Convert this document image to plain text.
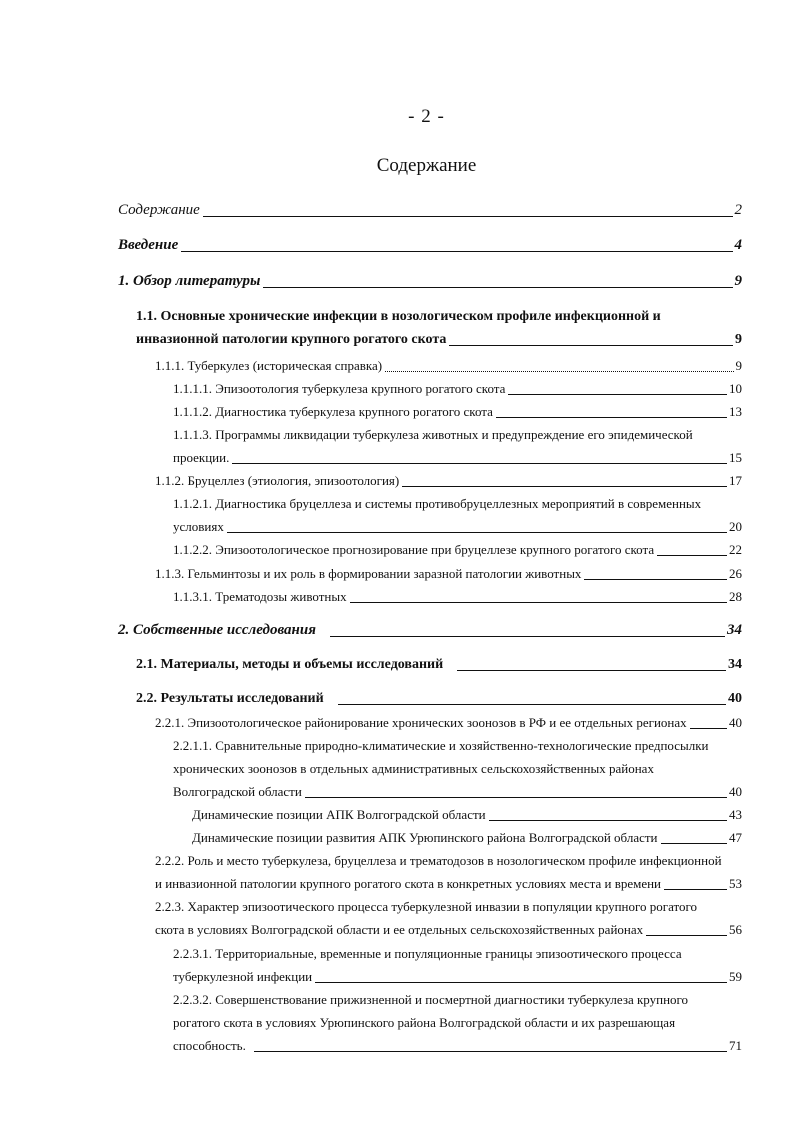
- 2 -
Содержание
Содержание	2
Введение	4
1. Обзор литературы	9
1.1. Основные хронические инфекции в нозологическом профиле инфекционной и
инвазионной патологии крупного рогатого скота	9
1.1.1. Туберкулез (историческая справка)	9
1.1.1.1. Эпизоотология туберкулеза крупного рогатого скота	10
1.1.1.2. Диагностика туберкулеза крупного рогатого скота	13
1.1.1.3. Программы ликвидации туберкулеза животных и предупреждение его эпидемической
проекции.	15
1.1.2. Бруцеллез (этиология, эпизоотология)	17
1.1.2.1. Диагностика бруцеллеза и системы противобруцеллезных мероприятий в современных
условиях	20
1.1.2.2. Эпизоотологическое прогнозирование при бруцеллезе крупного рогатого скота	22
1.1.3. Гельминтозы и их роль в формировании заразной патологии животных	26
1.1.3.1. Трематодозы животных	28
2. Собственные исследования	34
2.1. Материалы, методы и объемы исследований	34
2.2. Результаты исследований	40
2.2.1. Эпизоотологическое районирование хронических зоонозов в РФ и ее отдельных регионах	40
2.2.1.1. Сравнительные природно-климатические и хозяйственно-технологические предпосылки
хронических зоонозов в отдельных административных сельскохозяйственных районах
Волгоградской области	40
Динамические позиции АПК Волгоградской области	43
Динамические позиции развития АПК Урюпинского района Волгоградской области	47
2.2.2. Роль и место туберкулеза, бруцеллеза и трематодозов в нозологическом профиле инфекционной
и инвазионной патологии крупного рогатого скота в конкретных условиях места и времени	53
2.2.3. Характер эпизоотического процесса туберкулезной инвазии в популяции крупного рогатого
скота в условиях Волгоградской области и ее отдельных сельскохозяйственных районах	56
2.2.3.1. Территориальные, временные и популяционные границы эпизоотического процесса
туберкулезной инфекции	59
2.2.3.2. Совершенствование прижизненной и посмертной диагностики туберкулеза крупного
рогатого скота в условиях Урюпинского района Волгоградской области и их разрешающая
способность.	71
